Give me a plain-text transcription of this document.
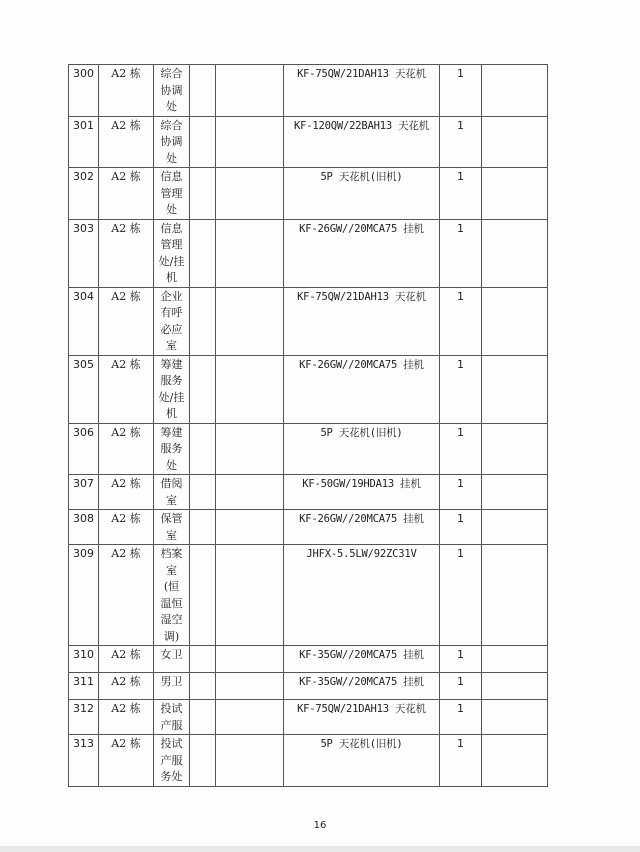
300	A2 栋	综合协调处			KF-75QW/21DAH13 天花机	1	
301	A2 栋	综合协调处			KF-120QW/22BAH13 天花机	1	
302	A2 栋	信息管理处			5P 天花机(旧机)	1	
303	A2 栋	信息管理处/挂机			KF-26GW//20MCA75 挂机	1	
304	A2 栋	企业有呼必应室			KF-75QW/21DAH13 天花机	1	
305	A2 栋	筹建服务处/挂机			KF-26GW//20MCA75 挂机	1	
306	A2 栋	筹建服务处			5P 天花机(旧机)	1	
307	A2 栋	借阅室			KF-50GW/19HDA13 挂机	1	
308	A2 栋	保管室			KF-26GW//20MCA75 挂机	1	
309	A2 栋	档案室(恒温恒湿空调)			JHFX-5.5LW/92ZC31V	1	
310	A2 栋	女卫			KF-35GW//20MCA75 挂机	1	
311	A2 栋	男卫			KF-35GW//20MCA75 挂机	1	
312	A2 栋	投试产服			KF-75QW/21DAH13 天花机	1	
313	A2 栋	投试产服务处			5P 天花机(旧机)	1	
16
